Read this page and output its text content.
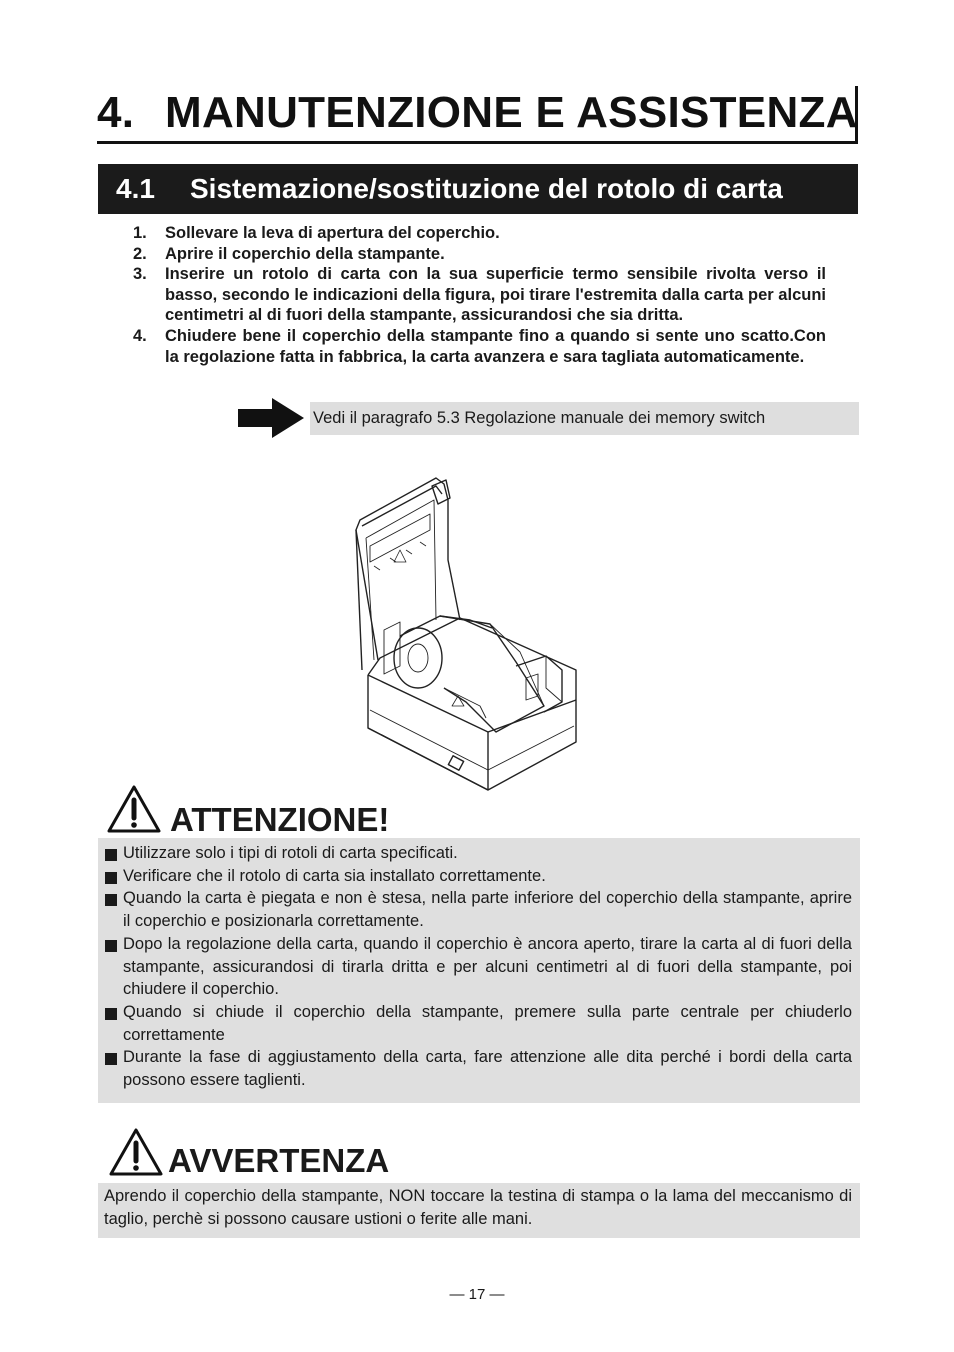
4. MANUTENZIONE E ASSISTENZA
4.1 Sistemazione/sostituzione del rotolo di carta
1. Sollevare la leva di apertura del coperchio.
2. Aprire il coperchio della stampante.
3. Inserire un rotolo di carta con la sua superficie termo sensibile rivolta verso il basso, secondo le indicazioni della figura, poi tirare l'estremita dalla carta per alcuni centimetri al di fuori della stampante, assicurandosi che sia dritta.
4. Chiudere bene il coperchio della stampante fino a quando si sente uno scatto.Con la regolazione fatta in fabbrica, la carta avanzera e sara tagliata automaticamente.
Vedi il paragrafo 5.3 Regolazione manuale dei memory switch
ATTENZIONE!
Utilizzare solo i tipi di rotoli di carta specificati.
Verificare che il rotolo di carta sia installato correttamente.
Quando la carta è piegata e non è stesa, nella parte inferiore del coperchio della stampante, aprire il coperchio e posizionarla correttamente.
Dopo la regolazione della carta, quando il coperchio è ancora aperto, tirare la carta al di fuori della stampante, assicurandosi di tirarla dritta e per alcuni centimetri al di fuori della stampante, poi chiudere il coperchio.
Quando si chiude il coperchio della stampante, premere sulla parte centrale per chiuderlo correttamente
Durante la fase di aggiustamento della carta, fare attenzione alle dita perché i bordi della carta possono essere taglienti.
AVVERTENZA
Aprendo il coperchio della stampante, NON toccare la testina di stampa o la lama del meccanismo di taglio, perchè si possono causare ustioni o ferite alle mani.
— 17 —
